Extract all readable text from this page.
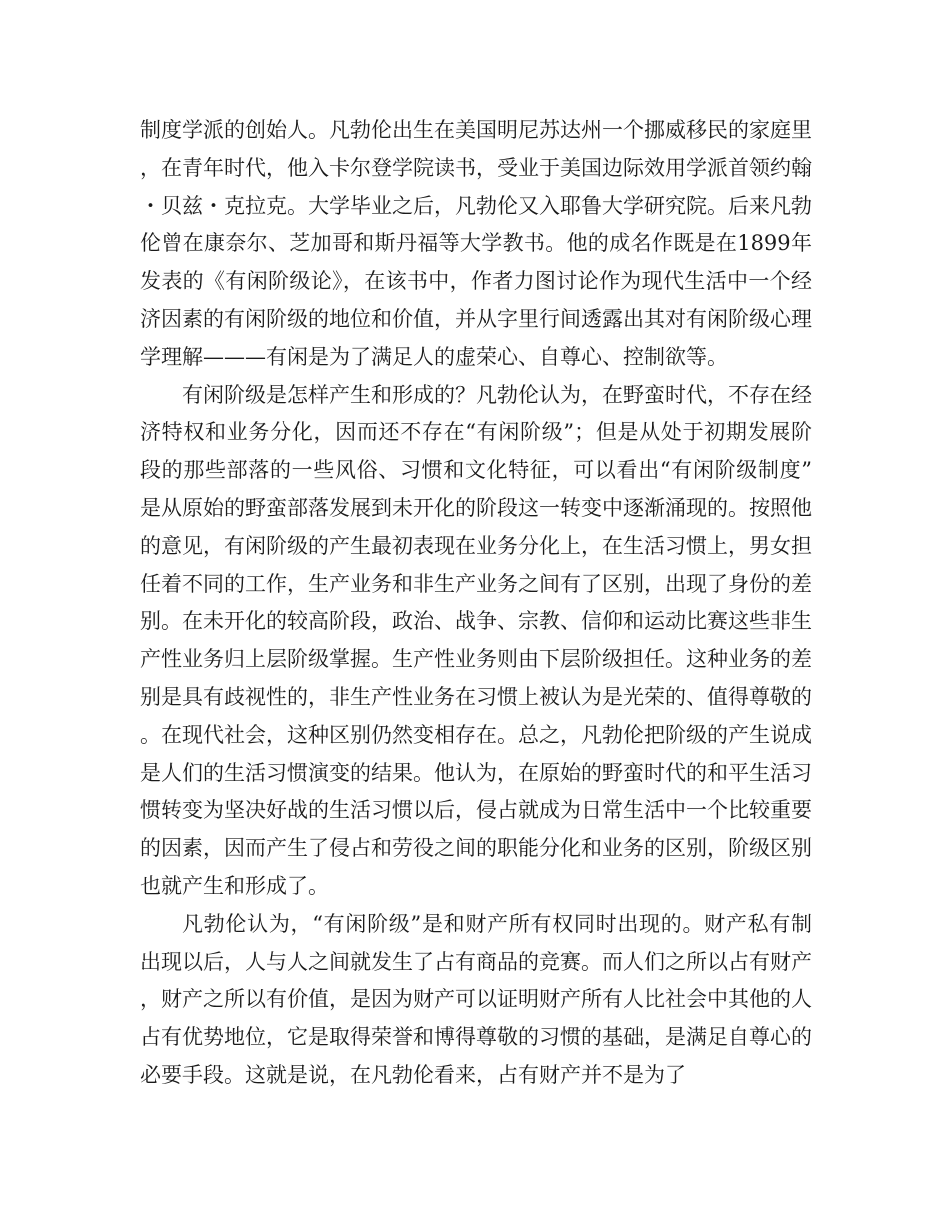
制度学派的创始人。凡勃伦出生在美国明尼苏达州一个挪威移民的家庭里，在青年时代，他入卡尔登学院读书，受业于美国边际效用学派首领约翰・贝兹・克拉克。大学毕业之后，凡勃伦又入耶鲁大学研究院。后来凡勃伦曾在康奈尔、芝加哥和斯丹福等大学教书。他的成名作既是在1899年发表的《有闲阶级论》，在该书中，作者力图讨论作为现代生活中一个经济因素的有闲阶级的地位和价值，并从字里行间透露出其对有闲阶级心理学理解———有闲是为了满足人的虚荣心、自尊心、控制欲等。

有闲阶级是怎样产生和形成的？凡勃伦认为，在野蛮时代，不存在经济特权和业务分化，因而还不存在“有闲阶级”；但是从处于初期发展阶段的那些部落的一些风俗、习惯和文化特征，可以看出“有闲阶级制度”是从原始的野蛮部落发展到未开化的阶段这一转变中逐渐涌现的。按照他的意见，有闲阶级的产生最初表现在业务分化上，在生活习惯上，男女担任着不同的工作，生产业务和非生产业务之间有了区别，出现了身份的差别。在未开化的较高阶段，政治、战争、宗教、信仰和运动比赛这些非生产性业务归上层阶级掌握。生产性业务则由下层阶级担任。这种业务的差别是具有歧视性的，非生产性业务在习惯上被认为是光荣的、值得尊敬的。在现代社会，这种区别仍然变相存在。总之，凡勃伦把阶级的产生说成是人们的生活习惯演变的结果。他认为，在原始的野蛮时代的和平生活习惯转变为坚决好战的生活习惯以后，侵占就成为日常生活中一个比较重要的因素，因而产生了侵占和劳役之间的职能分化和业务的区别，阶级区别也就产生和形成了。

凡勃伦认为，“有闲阶级”是和财产所有权同时出现的。财产私有制出现以后，人与人之间就发生了占有商品的竞赛。而人们之所以占有财产，财产之所以有价值，是因为财产可以证明财产所有人比社会中其他的人占有优势地位，它是取得荣誉和博得尊敬的习惯的基础，是满足自尊心的必要手段。这就是说，在凡勃伦看来，占有财产并不是为了
